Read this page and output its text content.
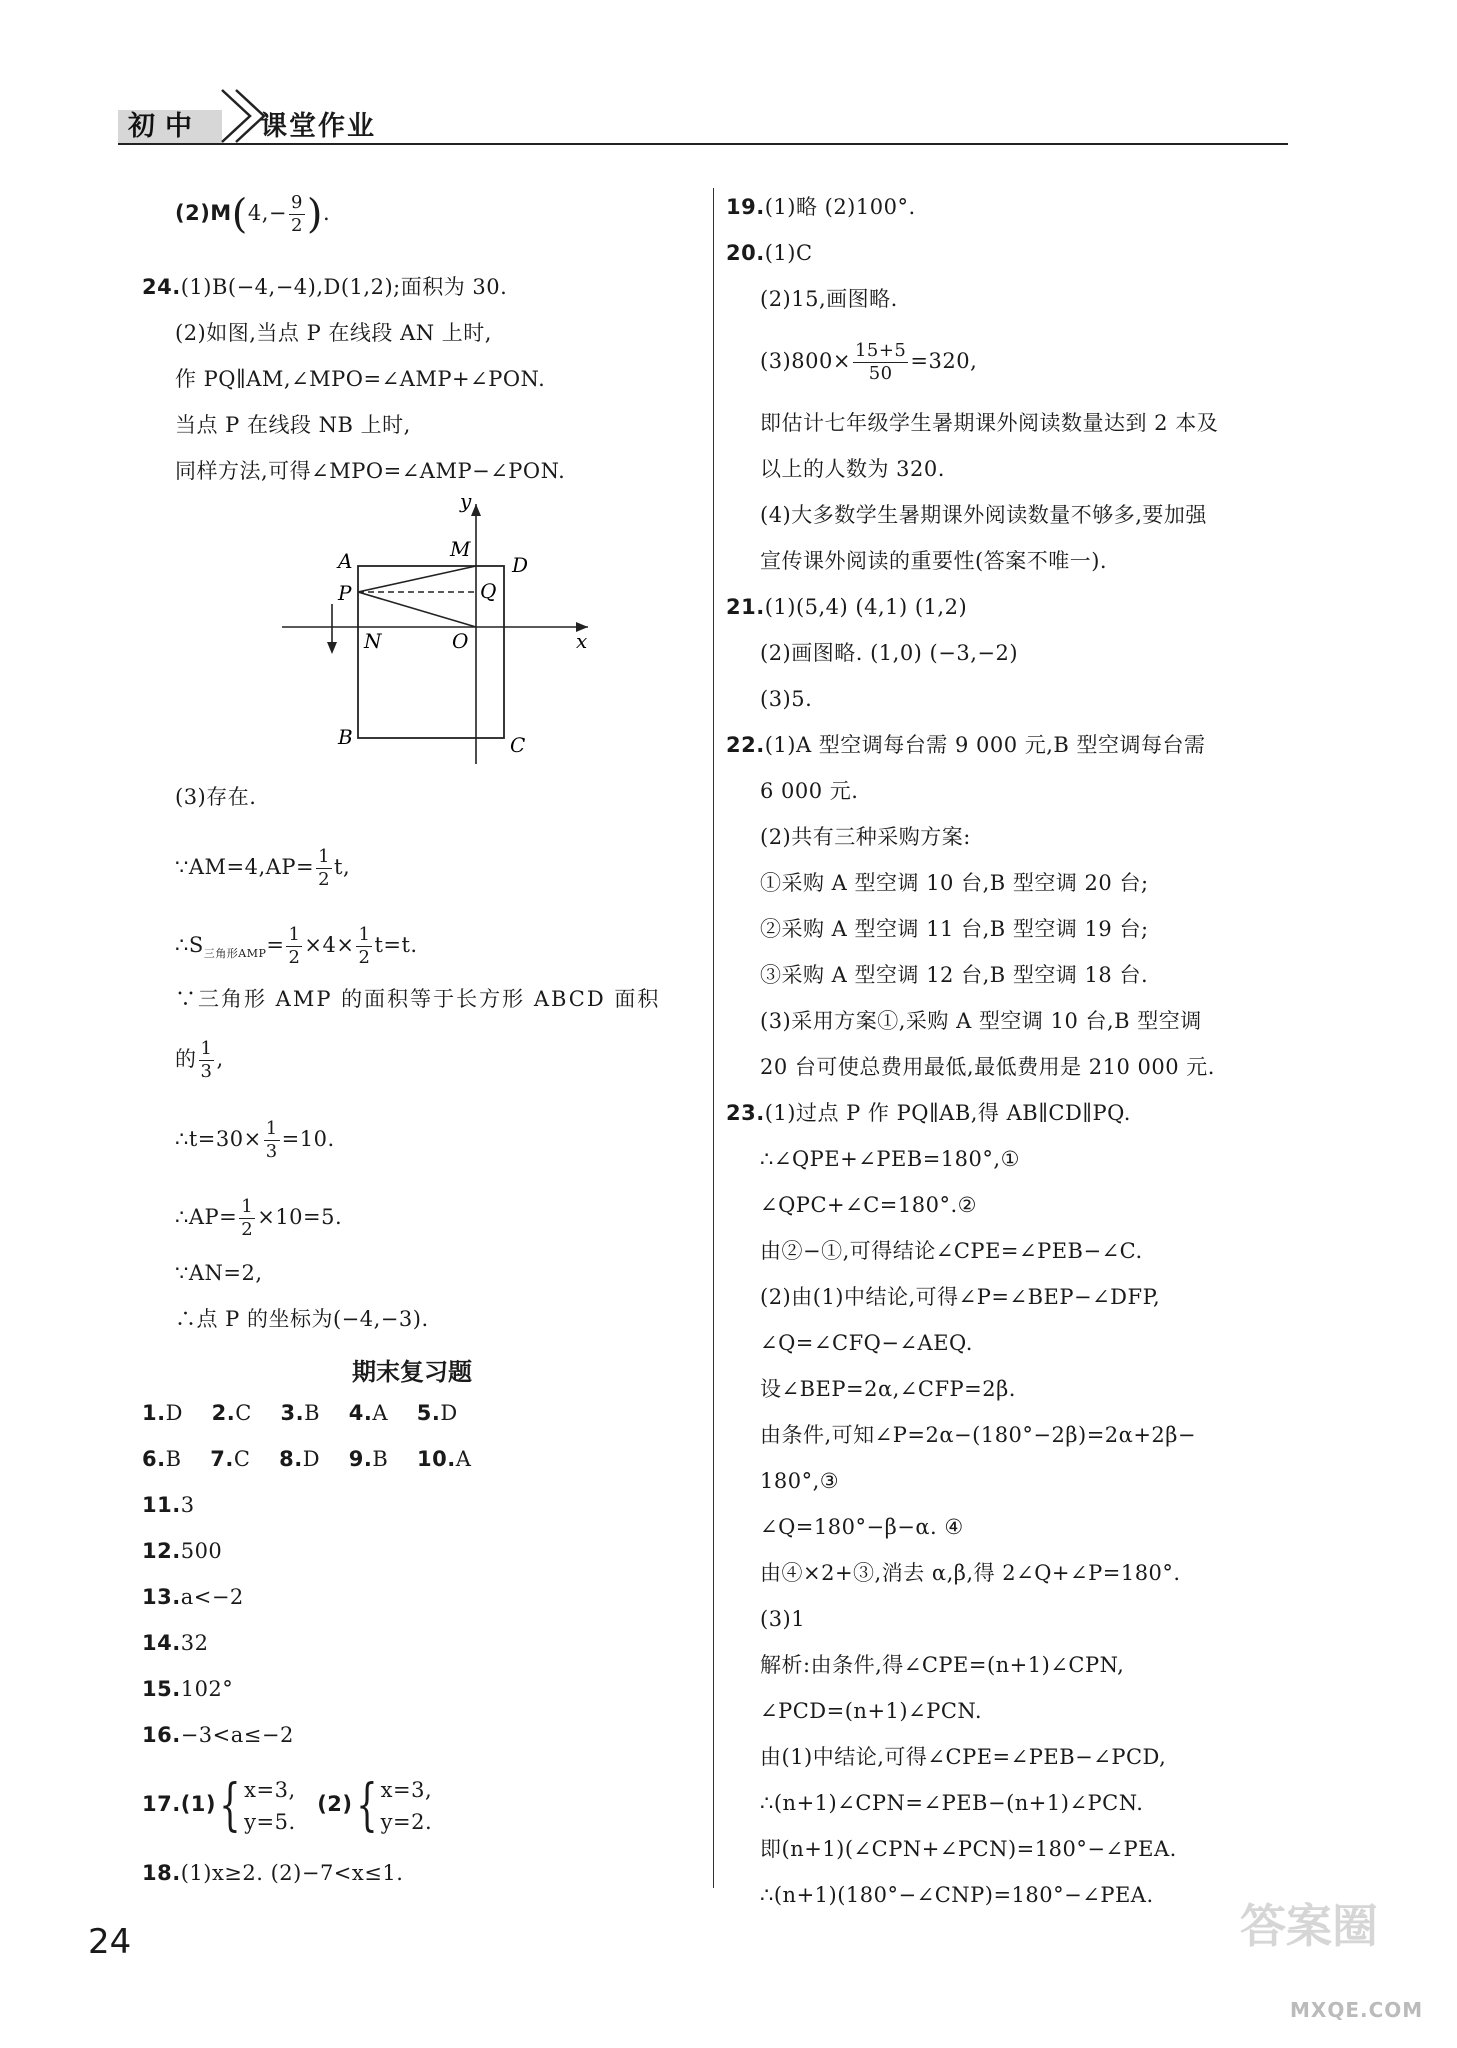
初中	课堂作业
$(2)M(4,- \frac{9}{2}$ ).
24.(1)B(−4,−4),D(1,2);面积为 30.
(2)如图,当点 P 在线段 AN 上时,
作 PQ∥AM,∠MPO=∠AMP+∠PON.
当点 P 在线段 NB 上时,
同样方法,可得∠MPO=∠AMP−∠PON.
y
x
A	M
D
P	Q
N	O
B	C
(3)存在.
∵AM=4,AP= $\frac{1}{2} t$,
$\therefore S_{三角形AMP}= \frac{1}{2} \times 4\times \frac{1}{2} t=t$.
∵三角形 AMP 的面积等于长方形 ABCD 面积
的 $\frac{1}{3}$ ,
∴t=30× $\frac{1}{3} =10$.
∴AP= $\frac{1}{2} \times 10=5$.
∵AN=2,
∴点 P 的坐标为(−4,−3).
期末复习题
1.D 2.C 3.B 4.A 5.D
6.B 7.C 8.D 9.B 10.A
11.3
12.500
13.a<−2
14.32
15.102°
16.−3<a≤−2
17.(1){ x=3,
y=5.
(2){ x=3,
y=2.
18.(1)x≥2. (2)−7<x≤1.
19.(1)略 (2)100°.
20.(1)C
(2)15,画图略.
$(3)800\times \frac{15+5}{50} =320$,
即估计七年级学生暑期课外阅读数量达到 2 本及
以上的人数为 320.
(4)大多数学生暑期课外阅读数量不够多,要加强
宣传课外阅读的重要性(答案不唯一).
21.(1)(5,4) (4,1) (1,2)
(2)画图略. (1,0) (−3,−2)
(3)5.
22.(1)A 型空调每台需 9 000 元,B 型空调每台需
6 000 元.
(2)共有三种采购方案:
①采购 A 型空调 10 台,B 型空调 20 台;
②采购 A 型空调 11 台,B 型空调 19 台;
③采购 A 型空调 12 台,B 型空调 18 台.
(3)采用方案①,采购 A 型空调 10 台,B 型空调
20 台可使总费用最低,最低费用是 210 000 元.
23.(1)过点 P 作 PQ∥AB,得 AB∥CD∥PQ.
∴∠QPE+∠PEB=180°,①
∠QPC+∠C=180°.②
由②−①,可得结论∠CPE=∠PEB−∠C.
(2)由(1)中结论,可得∠P=∠BEP−∠DFP,
∠Q=∠CFQ−∠AEQ.
设∠BEP=2α,∠CFP=2β.
由条件,可知∠P=2α−(180°−2β)=2α+2β−
180°,③
∠Q=180°−β−α. ④
由④×2+③,消去 α,β,得 2∠Q+∠P=180°.
(3)1
解析:由条件,得∠CPE=(n+1)∠CPN,
∠PCD=(n+1)∠PCN.
由(1)中结论,可得∠CPE=∠PEB−∠PCD,
∴(n+1)∠CPN=∠PEB−(n+1)∠PCN.
即(n+1)(∠CPN+∠PCN)=180°−∠PEA.
∴(n+1)(180°−∠CNP)=180°−∠PEA.
24	答案圈
MXQE.COM
